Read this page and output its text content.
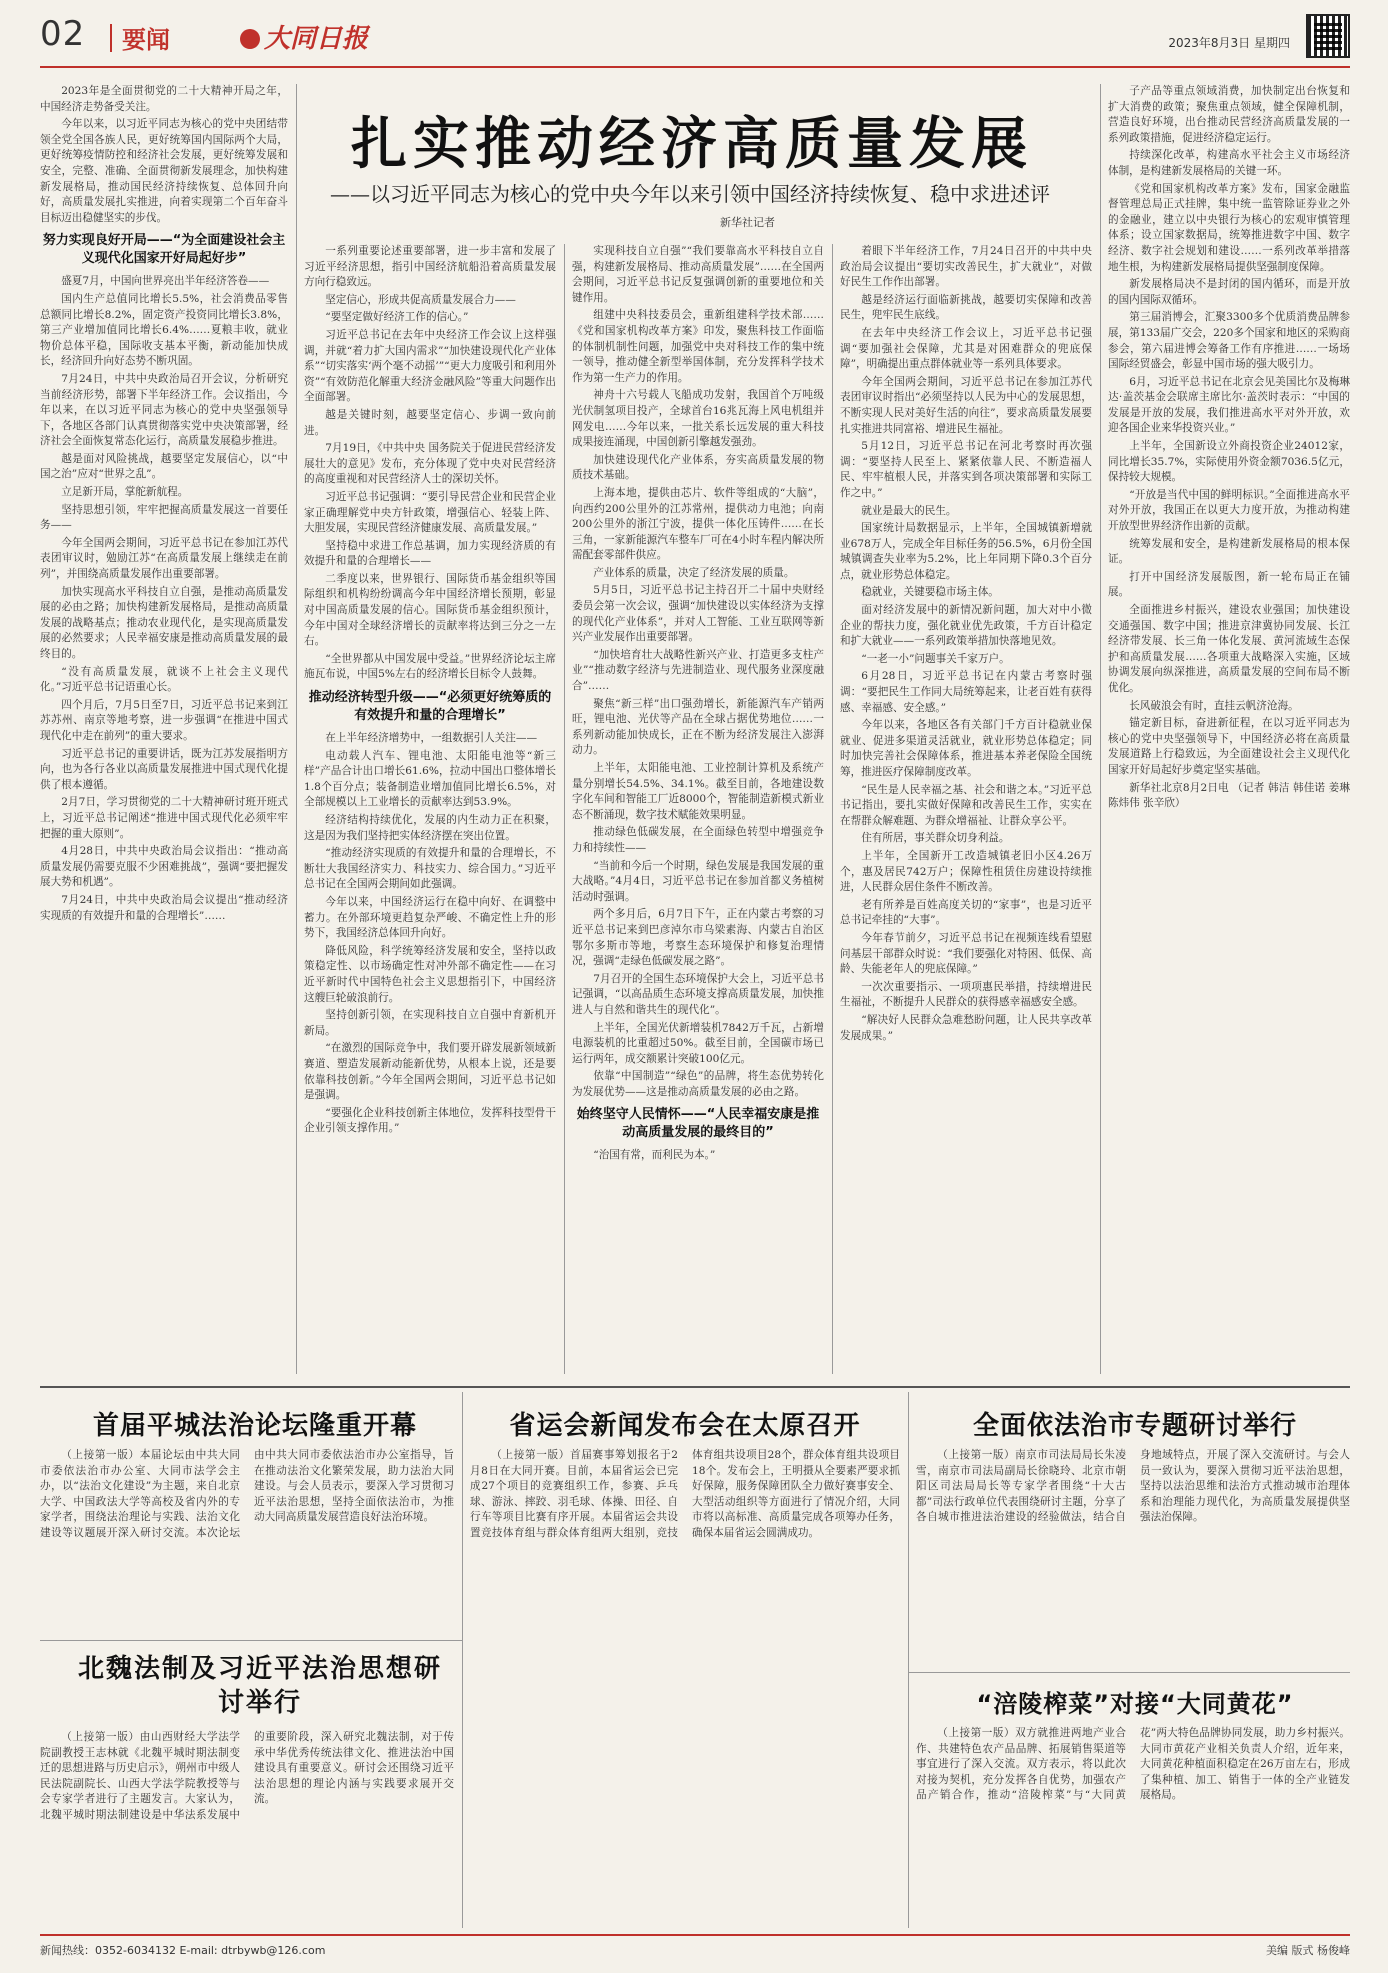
02 要闻	大同日报	2023年8月3日 星期四
扎实推动经济高质量发展
——以习近平同志为核心的党中央今年以来引领中国经济持续恢复、稳中求进述评
新华社记者

2023年是全面贯彻党的二十大精神开局之年，中国经济走势备受关注。

今年以来，以习近平同志为核心的党中央团结带领全党全国各族人民，更好统筹国内国际两个大局，更好统筹疫情防控和经济社会发展，更好统筹发展和安全，完整、准确、全面贯彻新发展理念，加快构建新发展格局，推动国民经济持续恢复、总体回升向好，高质量发展扎实推进，向着实现第二个百年奋斗目标迈出稳健坚实的步伐。

努力实现良好开局——“为全面建设社会主义现代化国家开好局起好步”

盛夏7月，中国向世界亮出半年经济答卷——

国内生产总值同比增长5.5%，社会消费品零售总额同比增长8.2%，固定资产投资同比增长3.8%，第三产业增加值同比增长6.4%……夏粮丰收，就业物价总体平稳，国际收支基本平衡，新动能加快成长，经济回升向好态势不断巩固。

7月24日，中共中央政治局召开会议，分析研究当前经济形势，部署下半年经济工作。会议指出，今年以来，在以习近平同志为核心的党中央坚强领导下，各地区各部门认真贯彻落实党中央决策部署，经济社会全面恢复常态化运行，高质量发展稳步推进。

越是面对风险挑战，越要坚定发展信心，以“中国之治”应对“世界之乱”。

立足新开局，掌舵新航程。

坚持思想引领，牢牢把握高质量发展这一首要任务——

今年全国两会期间，习近平总书记在参加江苏代表团审议时，勉励江苏“在高质量发展上继续走在前列”，并围绕高质量发展作出重要部署。

加快实现高水平科技自立自强，是推动高质量发展的必由之路；加快构建新发展格局，是推动高质量发展的战略基点；推动农业现代化，是实现高质量发展的必然要求；人民幸福安康是推动高质量发展的最终目的。

“没有高质量发展，就谈不上社会主义现代化。”习近平总书记语重心长。

四个月后，7月5日至7日，习近平总书记来到江苏苏州、南京等地考察，进一步强调“在推进中国式现代化中走在前列”的重大要求。

习近平总书记的重要讲话，既为江苏发展指明方向，也为各行各业以高质量发展推进中国式现代化提供了根本遵循。

2月7日，学习贯彻党的二十大精神研讨班开班式上，习近平总书记阐述“推进中国式现代化必须牢牢把握的重大原则”。

4月28日，中共中央政治局会议指出：“推动高质量发展仍需要克服不少困难挑战”，强调“要把握发展大势和机遇”。

7月24日，中共中央政治局会议提出“推动经济实现质的有效提升和量的合理增长”……

一系列重要论述重要部署，进一步丰富和发展了习近平经济思想，指引中国经济航船沿着高质量发展方向行稳致远。

坚定信心，形成共促高质量发展合力——

“要坚定做好经济工作的信心。”

习近平总书记在去年中央经济工作会议上这样强调，并就“着力扩大国内需求”“加快建设现代化产业体系”“切实落实‘两个毫不动摇’”“更大力度吸引和利用外资”“有效防范化解重大经济金融风险”等重大问题作出全面部署。

越是关键时刻，越要坚定信心、步调一致向前进。

7月19日，《中共中央 国务院关于促进民营经济发展壮大的意见》发布，充分体现了党中央对民营经济的高度重视和对民营经济人士的深切关怀。

习近平总书记强调：“要引导民营企业和民营企业家正确理解党中央方针政策，增强信心、轻装上阵、大胆发展，实现民营经济健康发展、高质量发展。”

坚持稳中求进工作总基调，加力实现经济质的有效提升和量的合理增长——

二季度以来，世界银行、国际货币基金组织等国际组织和机构纷纷调高今年中国经济增长预期，彰显对中国高质量发展的信心。国际货币基金组织预计，今年中国对全球经济增长的贡献率将达到三分之一左右。

“全世界都从中国发展中受益。”世界经济论坛主席施瓦布说，中国5%左右的经济增长目标令人鼓舞。

推动经济转型升级——“必须更好统筹质的有效提升和量的合理增长”

在上半年经济增势中，一组数据引人关注——

电动载人汽车、锂电池、太阳能电池等“新三样”产品合计出口增长61.6%，拉动中国出口整体增长1.8个百分点；装备制造业增加值同比增长6.5%，对全部规模以上工业增长的贡献率达到53.9%。

经济结构持续优化，发展的内生动力正在积聚，这是因为我们坚持把实体经济摆在突出位置。

“推动经济实现质的有效提升和量的合理增长，不断壮大我国经济实力、科技实力、综合国力。”习近平总书记在全国两会期间如此强调。

今年以来，中国经济运行在稳中向好、在调整中蓄力。在外部环境更趋复杂严峻、不确定性上升的形势下，我国经济总体回升向好。

降低风险，科学统筹经济发展和安全，坚持以政策稳定性、以市场确定性对冲外部不确定性——在习近平新时代中国特色社会主义思想指引下，中国经济这艘巨轮破浪前行。

坚持创新引领，在实现科技自立自强中育新机开新局。

“在激烈的国际竞争中，我们要开辟发展新领域新赛道、塑造发展新动能新优势，从根本上说，还是要依靠科技创新。”今年全国两会期间，习近平总书记如是强调。

“要强化企业科技创新主体地位，发挥科技型骨干企业引领支撑作用。”

实现科技自立自强”“我们要靠高水平科技自立自强，构建新发展格局、推动高质量发展”……在全国两会期间，习近平总书记反复强调创新的重要地位和关键作用。

组建中央科技委员会，重新组建科学技术部……《党和国家机构改革方案》印发，聚焦科技工作面临的体制机制性问题，加强党中央对科技工作的集中统一领导，推动健全新型举国体制，充分发挥科学技术作为第一生产力的作用。

神舟十六号载人飞船成功发射，我国首个万吨级光伏制氢项目投产，全球首台16兆瓦海上风电机组并网发电……今年以来，一批关系长远发展的重大科技成果接连涌现，中国创新引擎越发强劲。

加快建设现代化产业体系，夯实高质量发展的物质技术基础。

上海本地，提供由芯片、软件等组成的“大脑”，向西约200公里外的江苏常州，提供动力电池；向南200公里外的浙江宁波，提供一体化压铸件……在长三角，一家新能源汽车整车厂可在4小时车程内解决所需配套零部件供应。

产业体系的质量，决定了经济发展的质量。

5月5日，习近平总书记主持召开二十届中央财经委员会第一次会议，强调“加快建设以实体经济为支撑的现代化产业体系”，并对人工智能、工业互联网等新兴产业发展作出重要部署。

“加快培育壮大战略性新兴产业、打造更多支柱产业”“推动数字经济与先进制造业、现代服务业深度融合”……

聚焦“新三样”出口强劲增长，新能源汽车产销两旺，锂电池、光伏等产品在全球占据优势地位……一系列新动能加快成长，正在不断为经济发展注入澎湃动力。

上半年，太阳能电池、工业控制计算机及系统产量分别增长54.5%、34.1%。截至目前，各地建设数字化车间和智能工厂近8000个，智能制造新模式新业态不断涌现，数字技术赋能效果明显。

推动绿色低碳发展，在全面绿色转型中增强竞争力和持续性——

“当前和今后一个时期，绿色发展是我国发展的重大战略。”4月4日，习近平总书记在参加首都义务植树活动时强调。

两个多月后，6月7日下午，正在内蒙古考察的习近平总书记来到巴彦淖尔市乌梁素海、内蒙古自治区鄂尔多斯市等地，考察生态环境保护和修复治理情况，强调“走绿色低碳发展之路”。

7月召开的全国生态环境保护大会上，习近平总书记强调，“以高品质生态环境支撑高质量发展，加快推进人与自然和谐共生的现代化”。

上半年，全国光伏新增装机7842万千瓦，占新增电源装机的比重超过50%。截至目前，全国碳市场已运行两年，成交额累计突破100亿元。

依靠“中国制造”“绿色”的品牌，将生态优势转化为发展优势——这是推动高质量发展的必由之路。

始终坚守人民情怀——“人民幸福安康是推动高质量发展的最终目的”

“治国有常，而利民为本。”

着眼下半年经济工作，7月24日召开的中共中央政治局会议提出“要切实改善民生，扩大就业”，对做好民生工作作出部署。

越是经济运行面临新挑战，越要切实保障和改善民生，兜牢民生底线。

在去年中央经济工作会议上，习近平总书记强调“要加强社会保障，尤其是对困难群众的兜底保障”，明确提出重点群体就业等一系列具体要求。

今年全国两会期间，习近平总书记在参加江苏代表团审议时指出“必须坚持以人民为中心的发展思想，不断实现人民对美好生活的向往”，要求高质量发展要扎实推进共同富裕、增进民生福祉。

5月12日，习近平总书记在河北考察时再次强调：“要坚持人民至上、紧紧依靠人民、不断造福人民、牢牢植根人民，并落实到各项决策部署和实际工作之中。”

就业是最大的民生。

国家统计局数据显示，上半年，全国城镇新增就业678万人，完成全年目标任务的56.5%，6月份全国城镇调查失业率为5.2%，比上年同期下降0.3个百分点，就业形势总体稳定。

稳就业，关键要稳市场主体。

面对经济发展中的新情况新问题，加大对中小微企业的帮扶力度，强化就业优先政策，千方百计稳定和扩大就业——一系列政策举措加快落地见效。

“一老一小”问题事关千家万户。

6月28日，习近平总书记在内蒙古考察时强调：“要把民生工作同大局统筹起来，让老百姓有获得感、幸福感、安全感。”

今年以来，各地区各有关部门千方百计稳就业保就业、促进多渠道灵活就业，就业形势总体稳定；同时加快完善社会保障体系，推进基本养老保险全国统筹，推进医疗保障制度改革。

“民生是人民幸福之基、社会和谐之本。”习近平总书记指出，要扎实做好保障和改善民生工作，实实在在帮群众解难题、为群众增福祉、让群众享公平。

住有所居，事关群众切身利益。

上半年，全国新开工改造城镇老旧小区4.26万个，惠及居民742万户；保障性租赁住房建设持续推进，人民群众居住条件不断改善。

老有所养是百姓高度关切的“家事”，也是习近平总书记牵挂的“大事”。

今年春节前夕，习近平总书记在视频连线看望慰问基层干部群众时说：“我们要强化对特困、低保、高龄、失能老年人的兜底保障。”

一次次重要指示、一项项惠民举措，持续增进民生福祉，不断提升人民群众的获得感幸福感安全感。

“解决好人民群众急难愁盼问题，让人民共享改革发展成果。”

子产品等重点领域消费，加快制定出台恢复和扩大消费的政策；聚焦重点领域，健全保障机制，营造良好环境，出台推动民营经济高质量发展的一系列政策措施，促进经济稳定运行。

持续深化改革，构建高水平社会主义市场经济体制，是构建新发展格局的关键一环。

《党和国家机构改革方案》发布，国家金融监督管理总局正式挂牌，集中统一监管除证券业之外的金融业，建立以中央银行为核心的宏观审慎管理体系；设立国家数据局，统筹推进数字中国、数字经济、数字社会规划和建设……一系列改革举措落地生根，为构建新发展格局提供坚强制度保障。

新发展格局决不是封闭的国内循环，而是开放的国内国际双循环。

第三届消博会，汇聚3300多个优质消费品牌参展，第133届广交会，220多个国家和地区的采购商参会，第六届进博会筹备工作有序推进……一场场国际经贸盛会，彰显中国市场的强大吸引力。

6月，习近平总书记在北京会见美国比尔及梅琳达·盖茨基金会联席主席比尔·盖茨时表示：“中国的发展是开放的发展，我们推进高水平对外开放，欢迎各国企业来华投资兴业。”

上半年，全国新设立外商投资企业24012家，同比增长35.7%，实际使用外资金额7036.5亿元，保持较大规模。

“开放是当代中国的鲜明标识。”全面推进高水平对外开放，我国正在以更大力度开放，为推动构建开放型世界经济作出新的贡献。

统筹发展和安全，是构建新发展格局的根本保证。

打开中国经济发展版图，新一轮布局正在铺展。

全面推进乡村振兴，建设农业强国；加快建设交通强国、数字中国；推进京津冀协同发展、长江经济带发展、长三角一体化发展、黄河流域生态保护和高质量发展……各项重大战略深入实施，区域协调发展向纵深推进，高质量发展的空间布局不断优化。

长风破浪会有时，直挂云帆济沧海。

锚定新目标，奋进新征程，在以习近平同志为核心的党中央坚强领导下，中国经济必将在高质量发展道路上行稳致远，为全面建设社会主义现代化国家开好局起好步奠定坚实基础。

新华社北京8月2日电 （记者 韩洁 韩佳诺 姜琳 陈炜伟 张辛欣）

首届平城法治论坛隆重开幕

（上接第一版）本届论坛由中共大同市委依法治市办公室、大同市法学会主办，以“法治文化建设”为主题，来自北京大学、中国政法大学等高校及省内外的专家学者，围绕法治理论与实践、法治文化建设等议题展开深入研讨交流。本次论坛由中共大同市委依法治市办公室指导，旨在推动法治文化繁荣发展，助力法治大同建设。与会人员表示，要深入学习贯彻习近平法治思想，坚持全面依法治市，为推动大同高质量发展营造良好法治环境。

北魏法制及习近平法治思想研讨举行

（上接第一版）由山西财经大学法学院副教授王志林就《北魏平城时期法制变迁的思想进路与历史启示》，朔州市中级人民法院副院长、山西大学法学院教授等与会专家学者进行了主题发言。大家认为，北魏平城时期法制建设是中华法系发展中的重要阶段，深入研究北魏法制，对于传承中华优秀传统法律文化、推进法治中国建设具有重要意义。研讨会还围绕习近平法治思想的理论内涵与实践要求展开交流。

省运会新闻发布会在太原召开

（上接第一版）首届赛事筹划报名于2月8日在大同开赛。目前，本届省运会已完成27个项目的竞赛组织工作，参赛、乒乓球、游泳、摔跤、羽毛球、体操、田径、自行车等项目比赛有序开展。本届省运会共设置竞技体育组与群众体育组两大组别，竞技体育组共设项目28个，群众体育组共设项目18个。发布会上，王明摄从全要素严要求抓好保障，服务保障团队全力做好赛事安全、大型活动组织等方面进行了情况介绍，大同市将以高标准、高质量完成各项筹办任务，确保本届省运会圆满成功。

全面依法治市专题研讨举行

（上接第一版）南京市司法局局长朱凌雪，南京市司法局副局长徐晓玲、北京市朝阳区司法局局长等专家学者围绕“十大古都”司法行政单位代表围绕研讨主题，分享了各自城市推进法治建设的经验做法，结合自身地域特点，开展了深入交流研讨。与会人员一致认为，要深入贯彻习近平法治思想，坚持以法治思维和法治方式推动城市治理体系和治理能力现代化，为高质量发展提供坚强法治保障。

“涪陵榨菜”对接“大同黄花”

（上接第一版）双方就推进两地产业合作、共建特色农产品品牌、拓展销售渠道等事宜进行了深入交流。双方表示，将以此次对接为契机，充分发挥各自优势，加强农产品产销合作，推动“涪陵榨菜”与“大同黄花”两大特色品牌协同发展，助力乡村振兴。大同市黄花产业相关负责人介绍，近年来，大同黄花种植面积稳定在26万亩左右，形成了集种植、加工、销售于一体的全产业链发展格局。

新闻热线：0352-6034132 E-mail: dtrbywb@126.com	美编 版式 杨俊峰
